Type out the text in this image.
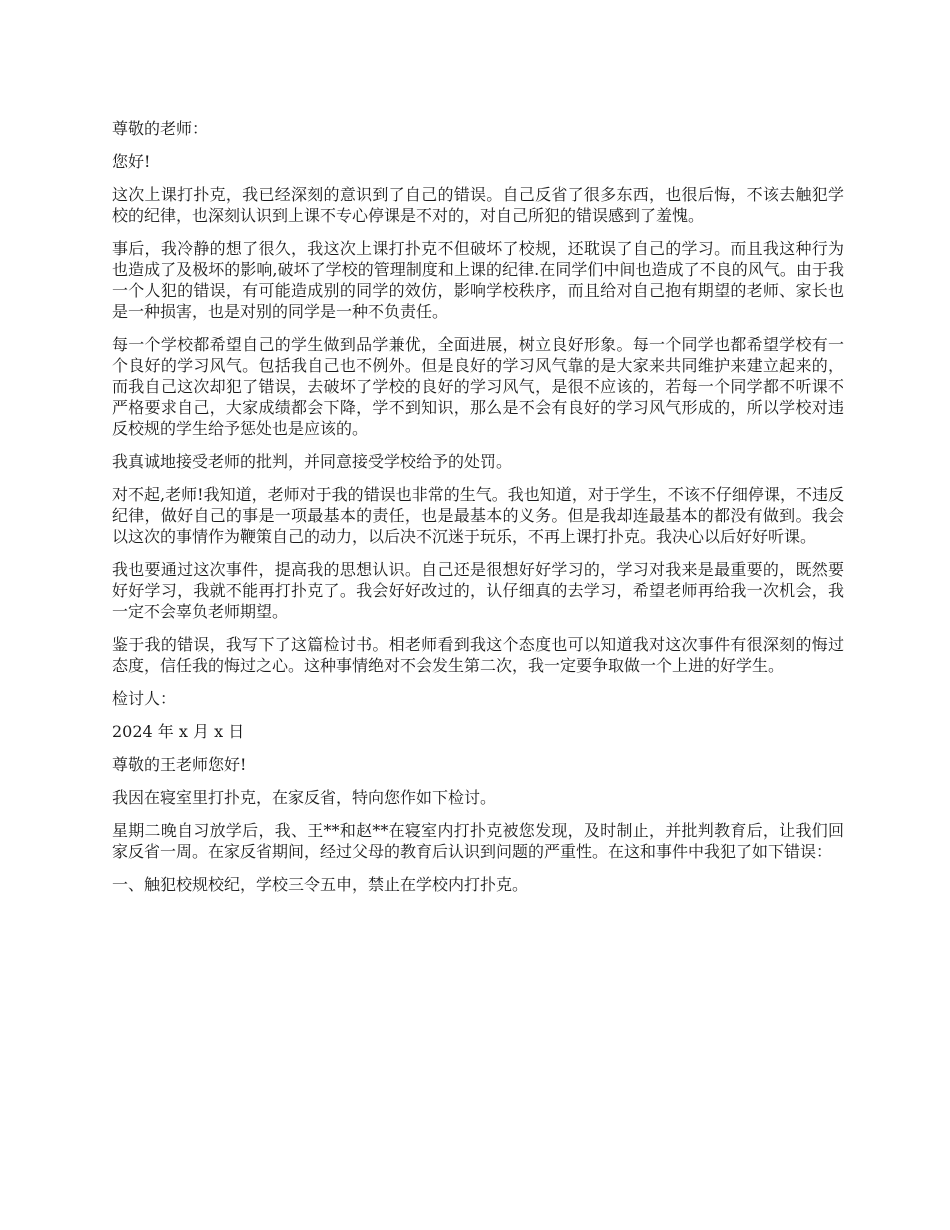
尊敬的老师：

您好!

这次上课打扑克，我已经深刻的意识到了自己的错误。自己反省了很多东西，也很后悔，不该去触犯学校的纪律，也深刻认识到上课不专心停课是不对的，对自己所犯的错误感到了羞愧。

事后，我冷静的想了很久，我这次上课打扑克不但破坏了校规，还耽误了自己的学习。而且我这种行为也造成了及极坏的影响,破坏了学校的管理制度和上课的纪律.在同学们中间也造成了不良的风气。由于我一个人犯的错误，有可能造成别的同学的效仿，影响学校秩序，而且给对自己抱有期望的老师、家长也是一种损害，也是对别的同学是一种不负责任。

每一个学校都希望自己的学生做到品学兼优，全面进展，树立良好形象。每一个同学也都希望学校有一个良好的学习风气。包括我自己也不例外。但是良好的学习风气靠的是大家来共同维护来建立起来的，而我自己这次却犯了错误，去破坏了学校的良好的学习风气，是很不应该的，若每一个同学都不听课不严格要求自己，大家成绩都会下降，学不到知识，那么是不会有良好的学习风气形成的，所以学校对违反校规的学生给予惩处也是应该的。

我真诚地接受老师的批判，并同意接受学校给予的处罚。

对不起,老师!我知道，老师对于我的错误也非常的生气。我也知道，对于学生，不该不仔细停课，不违反纪律，做好自己的事是一项最基本的责任，也是最基本的义务。但是我却连最基本的都没有做到。我会以这次的事情作为鞭策自己的动力，以后决不沉迷于玩乐，不再上课打扑克。我决心以后好好听课。

我也要通过这次事件，提高我的思想认识。自己还是很想好好学习的，学习对我来是最重要的，既然要好好学习，我就不能再打扑克了。我会好好改过的，认仔细真的去学习，希望老师再给我一次机会，我一定不会辜负老师期望。

鉴于我的错误，我写下了这篇检讨书。相老师看到我这个态度也可以知道我对这次事件有很深刻的悔过态度，信任我的悔过之心。这种事情绝对不会发生第二次，我一定要争取做一个上进的好学生。

检讨人：

2024 年 x 月 x 日

尊敬的王老师您好!

我因在寝室里打扑克，在家反省，特向您作如下检讨。

星期二晚自习放学后，我、王**和赵**在寝室内打扑克被您发现，及时制止，并批判教育后，让我们回家反省一周。在家反省期间，经过父母的教育后认识到问题的严重性。在这和事件中我犯了如下错误：

一、触犯校规校纪，学校三令五申，禁止在学校内打扑克。
